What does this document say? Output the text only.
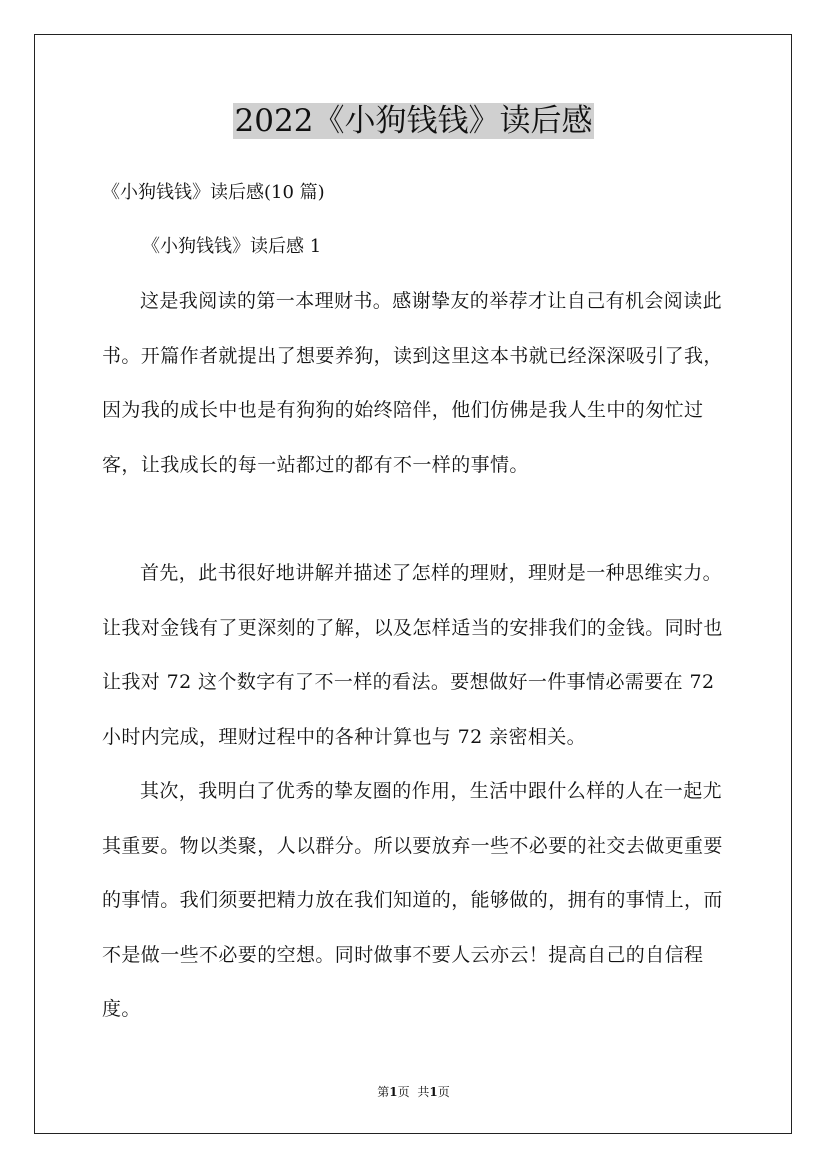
2022《小狗钱钱》读后感
《小狗钱钱》读后感(10 篇)
《小狗钱钱》读后感 1

这是我阅读的第一本理财书。感谢挚友的举荐才让自己有机会阅读此书。开篇作者就提出了想要养狗，读到这里这本书就已经深深吸引了我，因为我的成长中也是有狗狗的始终陪伴，他们仿佛是我人生中的匆忙过客，让我成长的每一站都过的都有不一样的事情。

首先，此书很好地讲解并描述了怎样的理财，理财是一种思维实力。让我对金钱有了更深刻的了解，以及怎样适当的安排我们的金钱。同时也让我对 72 这个数字有了不一样的看法。要想做好一件事情必需要在 72 小时内完成，理财过程中的各种计算也与 72 亲密相关。

其次，我明白了优秀的挚友圈的作用，生活中跟什么样的人在一起尤其重要。物以类聚，人以群分。所以要放弃一些不必要的社交去做更重要的事情。我们须要把精力放在我们知道的，能够做的，拥有的事情上，而不是做一些不必要的空想。同时做事不要人云亦云！提高自己的自信程度。

第1页 共1页
